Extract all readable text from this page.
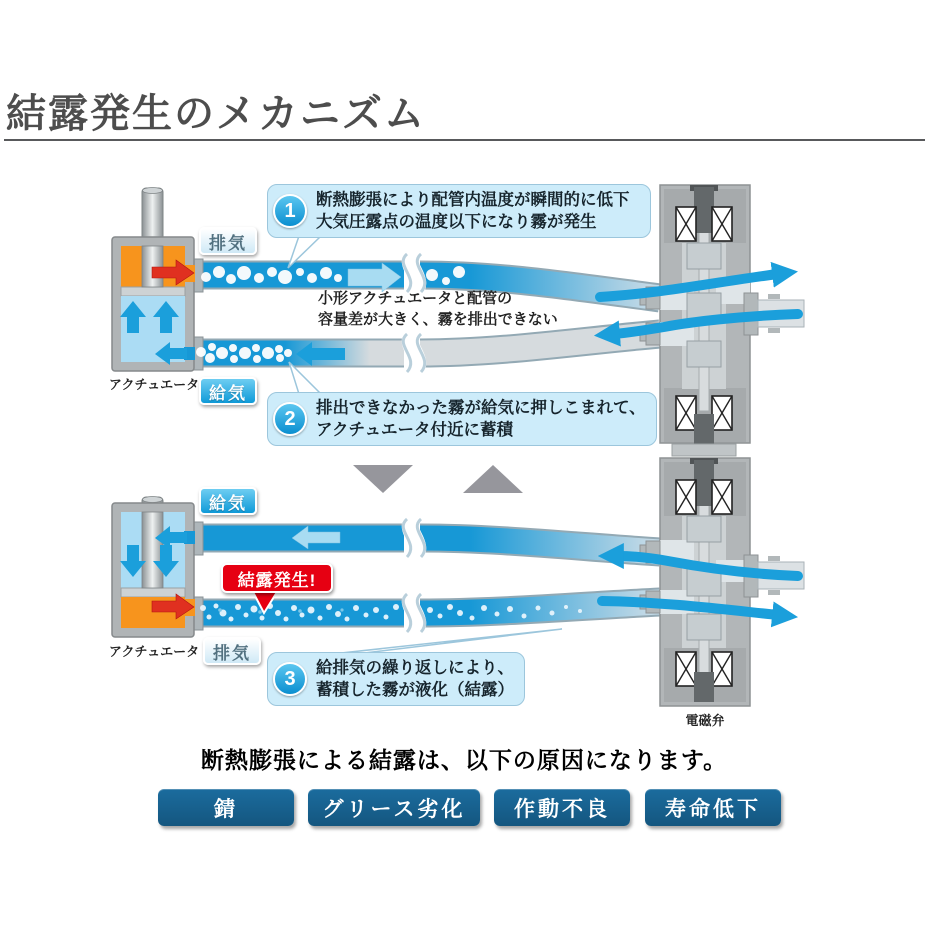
結露発生のメカニズム
排気
給気
アクチュエータ
1	断熱膨張により配管内温度が瞬間的に低下
大気圧露点の温度以下になり霧が発生
小形アクチュエータと配管の
容量差が大きく、霧を排出できない
2	排出できなかった霧が給気に押しこまれて、
アクチュエータ付近に蓄積
給気
排気
アクチュエータ
結露発生!
3	給排気の繰り返しにより、
蓄積した霧が液化（結露）
電磁弁
断熱膨張による結露は、以下の原因になります。
錆	グリース劣化	作動不良	寿命低下
